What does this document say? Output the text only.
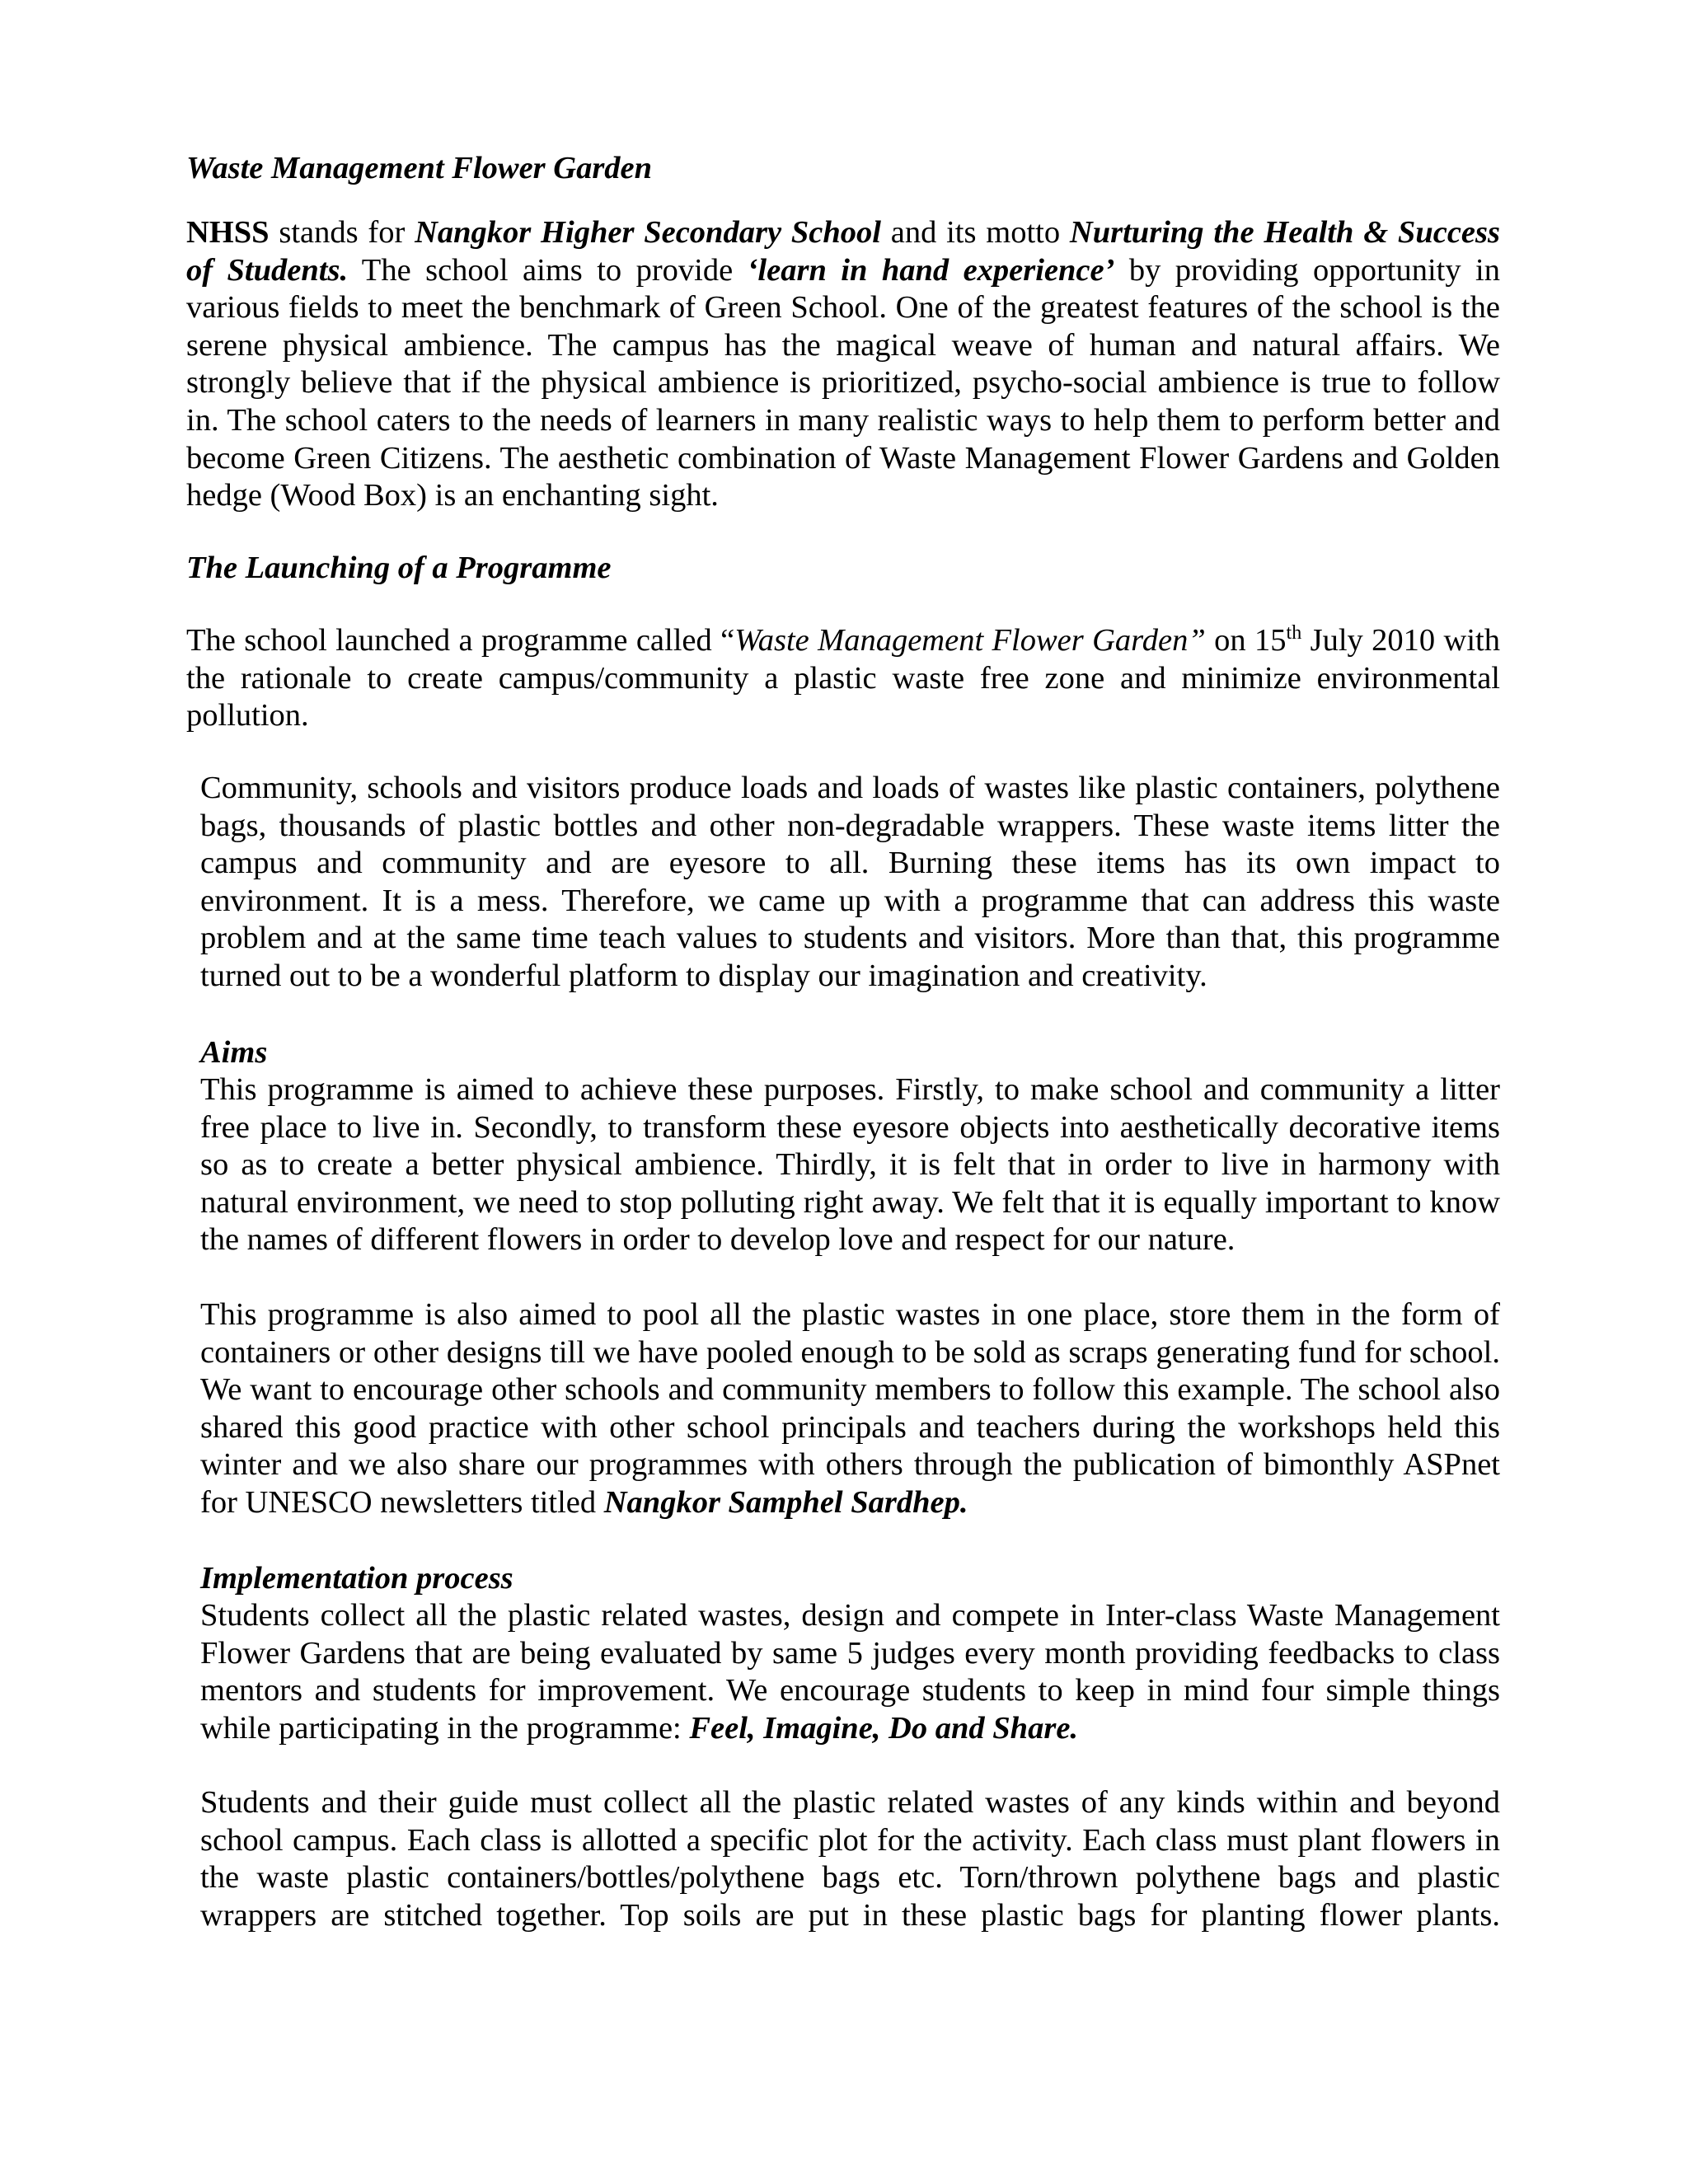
Waste Management Flower Garden

NHSS stands for Nangkor Higher Secondary School and its motto Nurturing the Health & Success of Students. The school aims to provide ‘learn in hand experience’ by providing opportunity in various fields to meet the benchmark of Green School. One of the greatest features of the school is the serene physical ambience. The campus has the magical weave of human and natural affairs. We strongly believe that if the physical ambience is prioritized, psycho-social ambience is true to follow in. The school caters to the needs of learners in many realistic ways to help them to perform better and become Green Citizens. The aesthetic combination of Waste Management Flower Gardens and Golden hedge (Wood Box) is an enchanting sight.

The Launching of a Programme

The school launched a programme called “Waste Management Flower Garden” on 15th July 2010 with the rationale to create campus/community a plastic waste free zone and minimize environmental pollution.

Community, schools and visitors produce loads and loads of wastes like plastic containers, polythene bags, thousands of plastic bottles and other non-degradable wrappers. These waste items litter the campus and community and are eyesore to all. Burning these items has its own impact to environment. It is a mess. Therefore, we came up with a programme that can address this waste problem and at the same time teach values to students and visitors. More than that, this programme turned out to be a wonderful platform to display our imagination and creativity.

Aims

This programme is aimed to achieve these purposes. Firstly, to make school and community a litter free place to live in. Secondly, to transform these eyesore objects into aesthetically decorative items so as to create a better physical ambience. Thirdly, it is felt that in order to live in harmony with natural environment, we need to stop polluting right away. We felt that it is equally important to know the names of different flowers in order to develop love and respect for our nature.

This programme is also aimed to pool all the plastic wastes in one place, store them in the form of containers or other designs till we have pooled enough to be sold as scraps generating fund for school. We want to encourage other schools and community members to follow this example. The school also shared this good practice with other school principals and teachers during the workshops held this winter and we also share our programmes with others through the publication of bimonthly ASPnet for UNESCO newsletters titled Nangkor Samphel Sardhep.

Implementation process

Students collect all the plastic related wastes, design and compete in Inter-class Waste Management Flower Gardens that are being evaluated by same 5 judges every month providing feedbacks to class mentors and students for improvement. We encourage students to keep in mind four simple things while participating in the programme: Feel, Imagine, Do and Share.

Students and their guide must collect all the plastic related wastes of any kinds within and beyond school campus. Each class is allotted a specific plot for the activity. Each class must plant flowers in the waste plastic containers/bottles/polythene bags etc. Torn/thrown polythene bags and plastic wrappers are stitched together. Top soils are put in these plastic bags for planting flower plants.
